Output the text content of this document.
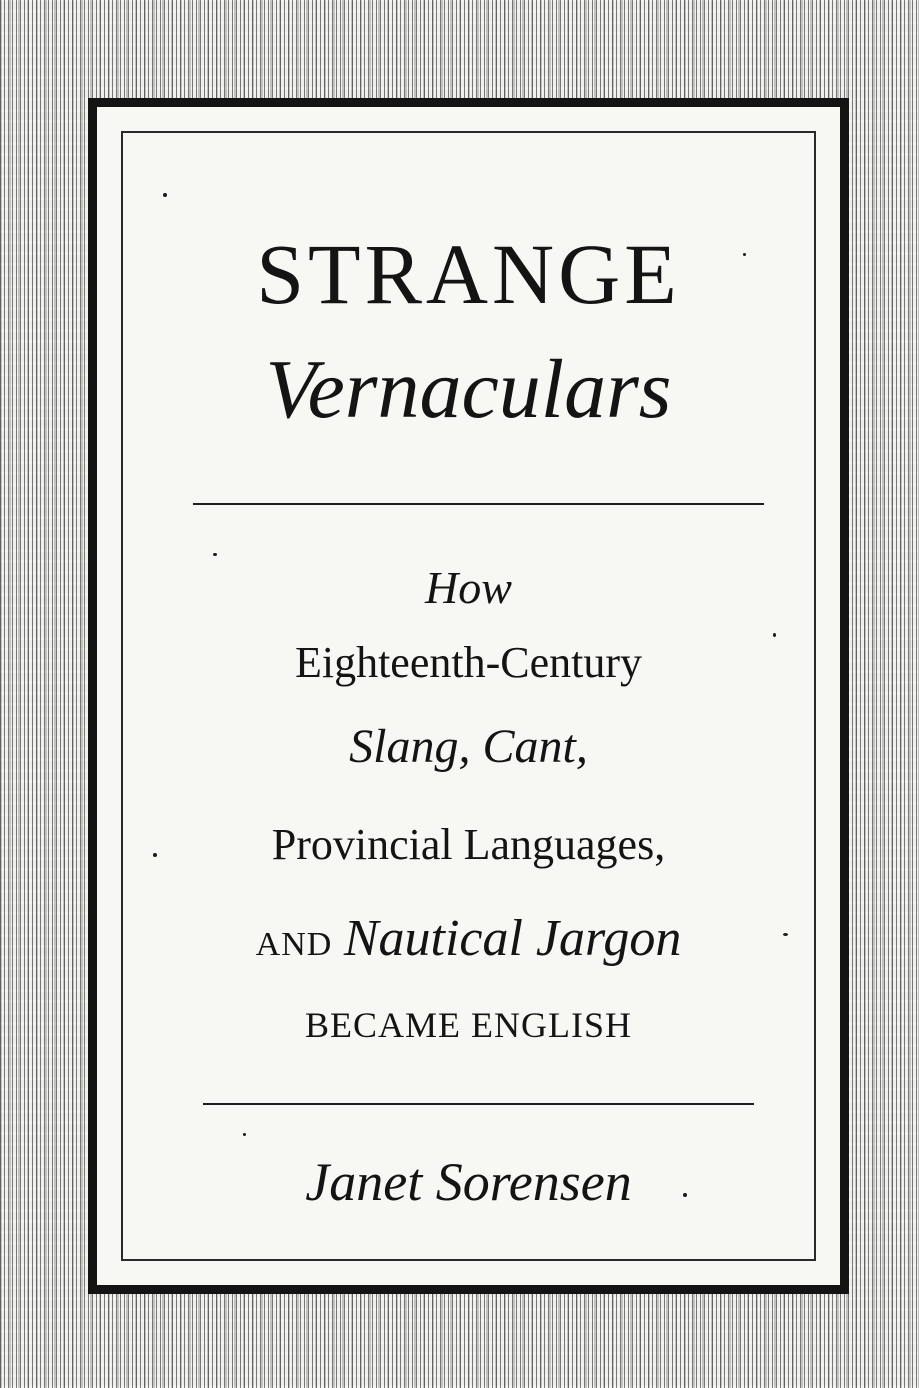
STRANGE
Vernaculars
How
Eighteenth-Century
Slang, Cant,
Provincial Languages,
AND Nautical Jargon
BECAME ENGLISH
Janet Sorensen
